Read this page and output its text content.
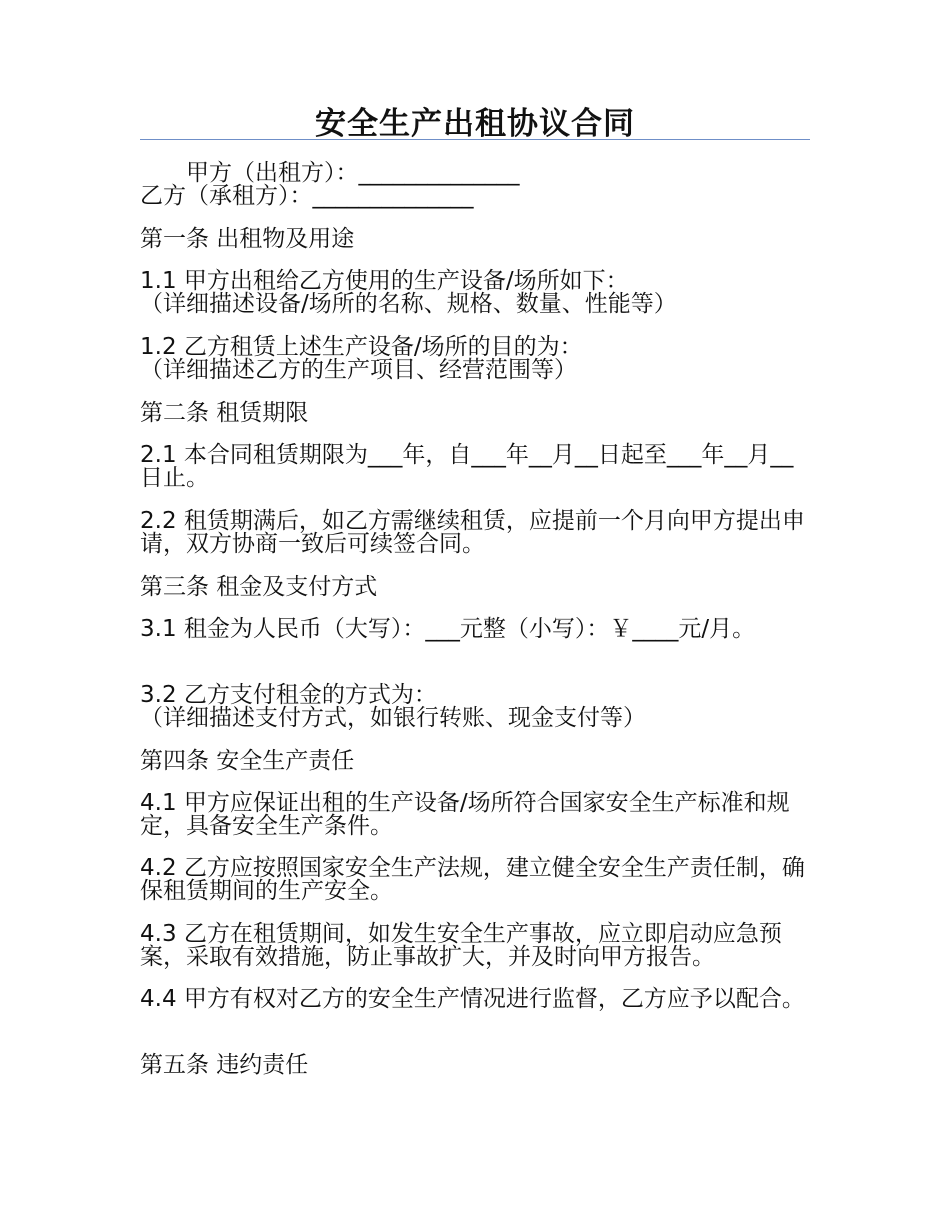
安全生产出租协议合同
甲方（出租方）：______________
乙方（承租方）：______________
第一条 出租物及用途

1.1 甲方出租给乙方使用的生产设备/场所如下：
（详细描述设备/场所的名称、规格、数量、性能等）

1.2 乙方租赁上述生产设备/场所的目的为：
（详细描述乙方的生产项目、经营范围等）

第二条 租赁期限

2.1 本合同租赁期限为___年，自___年__月__日起至___年__月__日止。

2.2 租赁期满后，如乙方需继续租赁，应提前一个月向甲方提出申请，双方协商一致后可续签合同。

第三条 租金及支付方式

3.1 租金为人民币（大写）：___元整（小写）：￥____元/月。

3.2 乙方支付租金的方式为：
（详细描述支付方式，如银行转账、现金支付等）

第四条 安全生产责任

4.1 甲方应保证出租的生产设备/场所符合国家安全生产标准和规定，具备安全生产条件。

4.2 乙方应按照国家安全生产法规，建立健全安全生产责任制，确保租赁期间的生产安全。

4.3 乙方在租赁期间，如发生安全生产事故，应立即启动应急预案，采取有效措施，防止事故扩大，并及时向甲方报告。

4.4 甲方有权对乙方的安全生产情况进行监督，乙方应予以配合。

第五条 违约责任
